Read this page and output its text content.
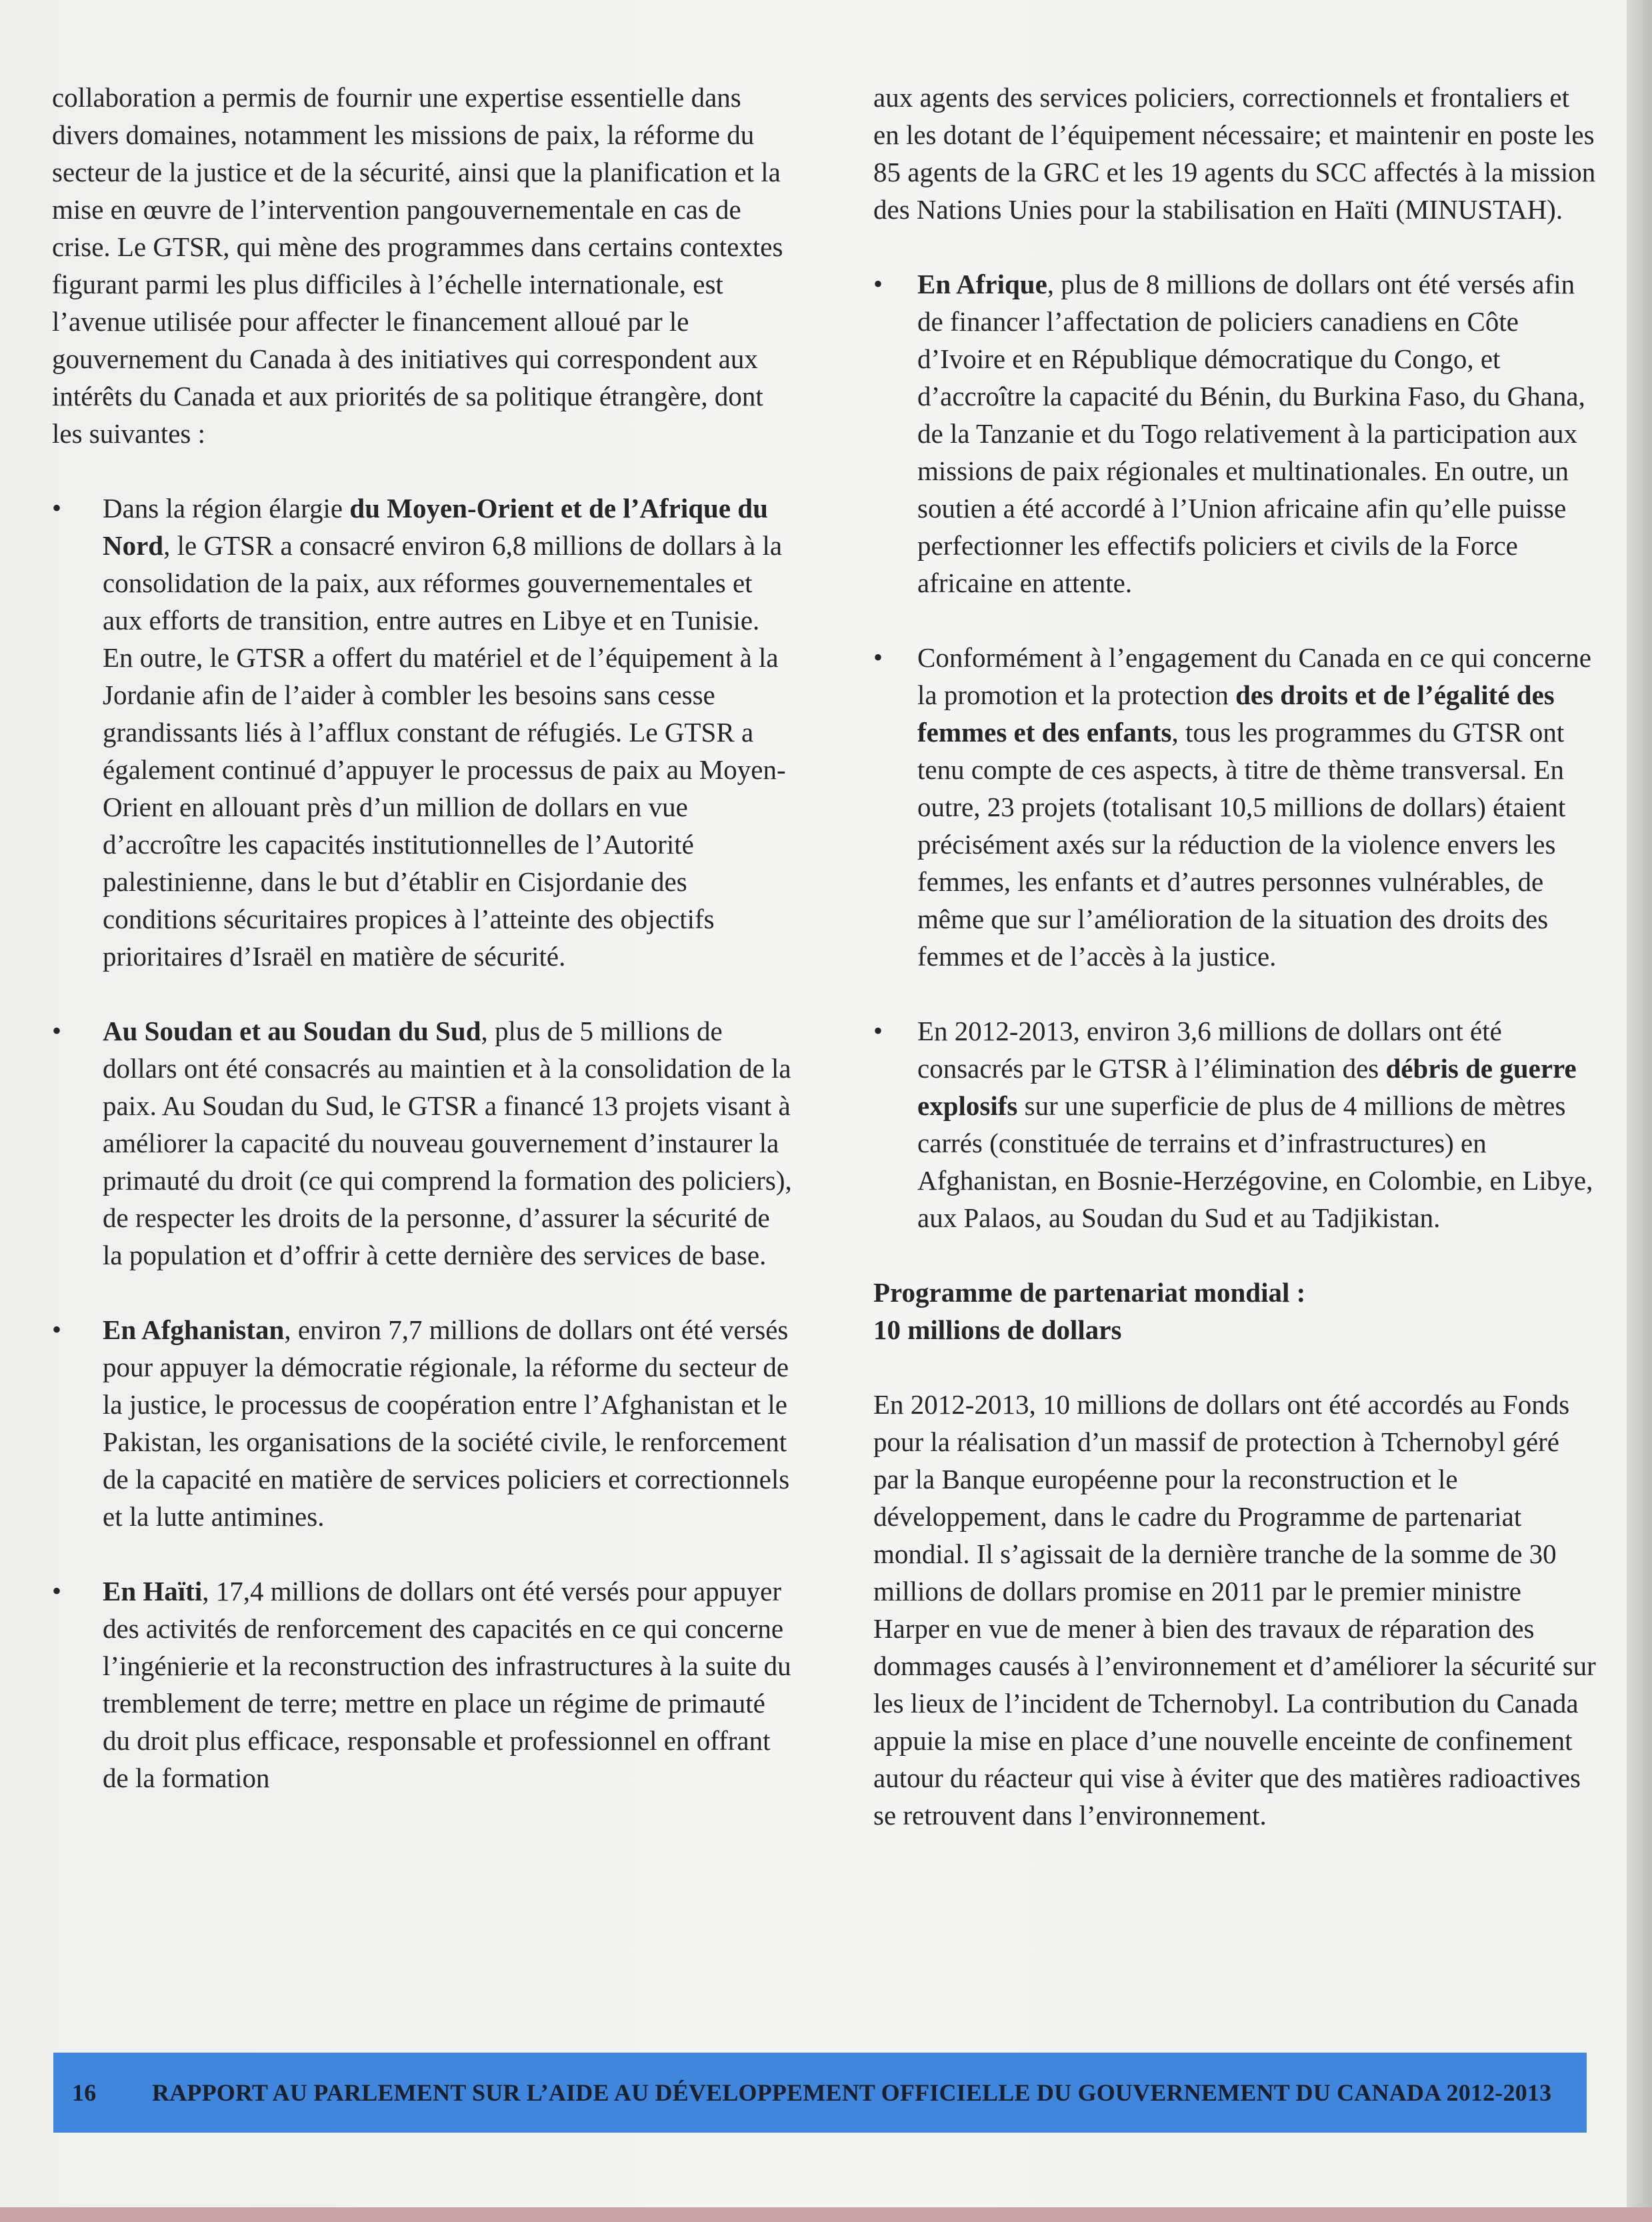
collaboration a permis de fournir une expertise essentielle dans divers domaines, notamment les missions de paix, la réforme du secteur de la justice et de la sécurité, ainsi que la planification et la mise en œuvre de l’intervention pangouvernementale en cas de crise. Le GTSR, qui mène des programmes dans certains contextes figurant parmi les plus difficiles à l’échelle internationale, est l’avenue utilisée pour affecter le financement alloué par le gouvernement du Canada à des initiatives qui correspondent aux intérêts du Canada et aux priorités de sa politique étrangère, dont les suivantes :

• Dans la région élargie du Moyen-Orient et de l’Afrique du Nord, le GTSR a consacré environ 6,8 millions de dollars à la consolidation de la paix, aux réformes gouvernementales et aux efforts de transition, entre autres en Libye et en Tunisie. En outre, le GTSR a offert du matériel et de l’équipement à la Jordanie afin de l’aider à combler les besoins sans cesse grandissants liés à l’afflux constant de réfugiés. Le GTSR a également continué d’appuyer le processus de paix au Moyen-Orient en allouant près d’un million de dollars en vue d’accroître les capacités institutionnelles de l’Autorité palestinienne, dans le but d’établir en Cisjordanie des conditions sécuritaires propices à l’atteinte des objectifs prioritaires d’Israël en matière de sécurité.
• Au Soudan et au Soudan du Sud, plus de 5 millions de dollars ont été consacrés au maintien et à la consolidation de la paix. Au Soudan du Sud, le GTSR a financé 13 projets visant à améliorer la capacité du nouveau gouvernement d’instaurer la primauté du droit (ce qui comprend la formation des policiers), de respecter les droits de la personne, d’assurer la sécurité de la population et d’offrir à cette dernière des services de base.
• En Afghanistan, environ 7,7 millions de dollars ont été versés pour appuyer la démocratie régionale, la réforme du secteur de la justice, le processus de coopération entre l’Afghanistan et le Pakistan, les organisations de la société civile, le renforcement de la capacité en matière de services policiers et correctionnels et la lutte antimines.
• En Haïti, 17,4 millions de dollars ont été versés pour appuyer des activités de renforcement des capacités en ce qui concerne l’ingénierie et la reconstruction des infrastructures à la suite du tremblement de terre; mettre en place un régime de primauté du droit plus efficace, responsable et professionnel en offrant de la formation

aux agents des services policiers, correctionnels et frontaliers et en les dotant de l’équipement nécessaire; et maintenir en poste les 85 agents de la GRC et les 19 agents du SCC affectés à la mission des Nations Unies pour la stabilisation en Haïti (MINUSTAH).

• En Afrique, plus de 8 millions de dollars ont été versés afin de financer l’affectation de policiers canadiens en Côte d’Ivoire et en République démocratique du Congo, et d’accroître la capacité du Bénin, du Burkina Faso, du Ghana, de la Tanzanie et du Togo relativement à la participation aux missions de paix régionales et multinationales. En outre, un soutien a été accordé à l’Union africaine afin qu’elle puisse perfectionner les effectifs policiers et civils de la Force africaine en attente.
• Conformément à l’engagement du Canada en ce qui concerne la promotion et la protection des droits et de l’égalité des femmes et des enfants, tous les programmes du GTSR ont tenu compte de ces aspects, à titre de thème transversal. En outre, 23 projets (totalisant 10,5 millions de dollars) étaient précisément axés sur la réduction de la violence envers les femmes, les enfants et d’autres personnes vulnérables, de même que sur l’amélioration de la situation des droits des femmes et de l’accès à la justice.
• En 2012-2013, environ 3,6 millions de dollars ont été consacrés par le GTSR à l’élimination des débris de guerre explosifs sur une superficie de plus de 4 millions de mètres carrés (constituée de terrains et d’infrastructures) en Afghanistan, en Bosnie-Herzégovine, en Colombie, en Libye, aux Palaos, au Soudan du Sud et au Tadjikistan.

Programme de partenariat mondial :
10 millions de dollars

En 2012-2013, 10 millions de dollars ont été accordés au Fonds pour la réalisation d’un massif de protection à Tchernobyl géré par la Banque européenne pour la reconstruction et le développement, dans le cadre du Programme de partenariat mondial. Il s’agissait de la dernière tranche de la somme de 30 millions de dollars promise en 2011 par le premier ministre Harper en vue de mener à bien des travaux de réparation des dommages causés à l’environnement et d’améliorer la sécurité sur les lieux de l’incident de Tchernobyl. La contribution du Canada appuie la mise en place d’une nouvelle enceinte de confinement autour du réacteur qui vise à éviter que des matières radioactives se retrouvent dans l’environnement.

16	RAPPORT AU PARLEMENT SUR L’AIDE AU DÉVELOPPEMENT OFFICIELLE DU GOUVERNEMENT DU CANADA 2012-2013
